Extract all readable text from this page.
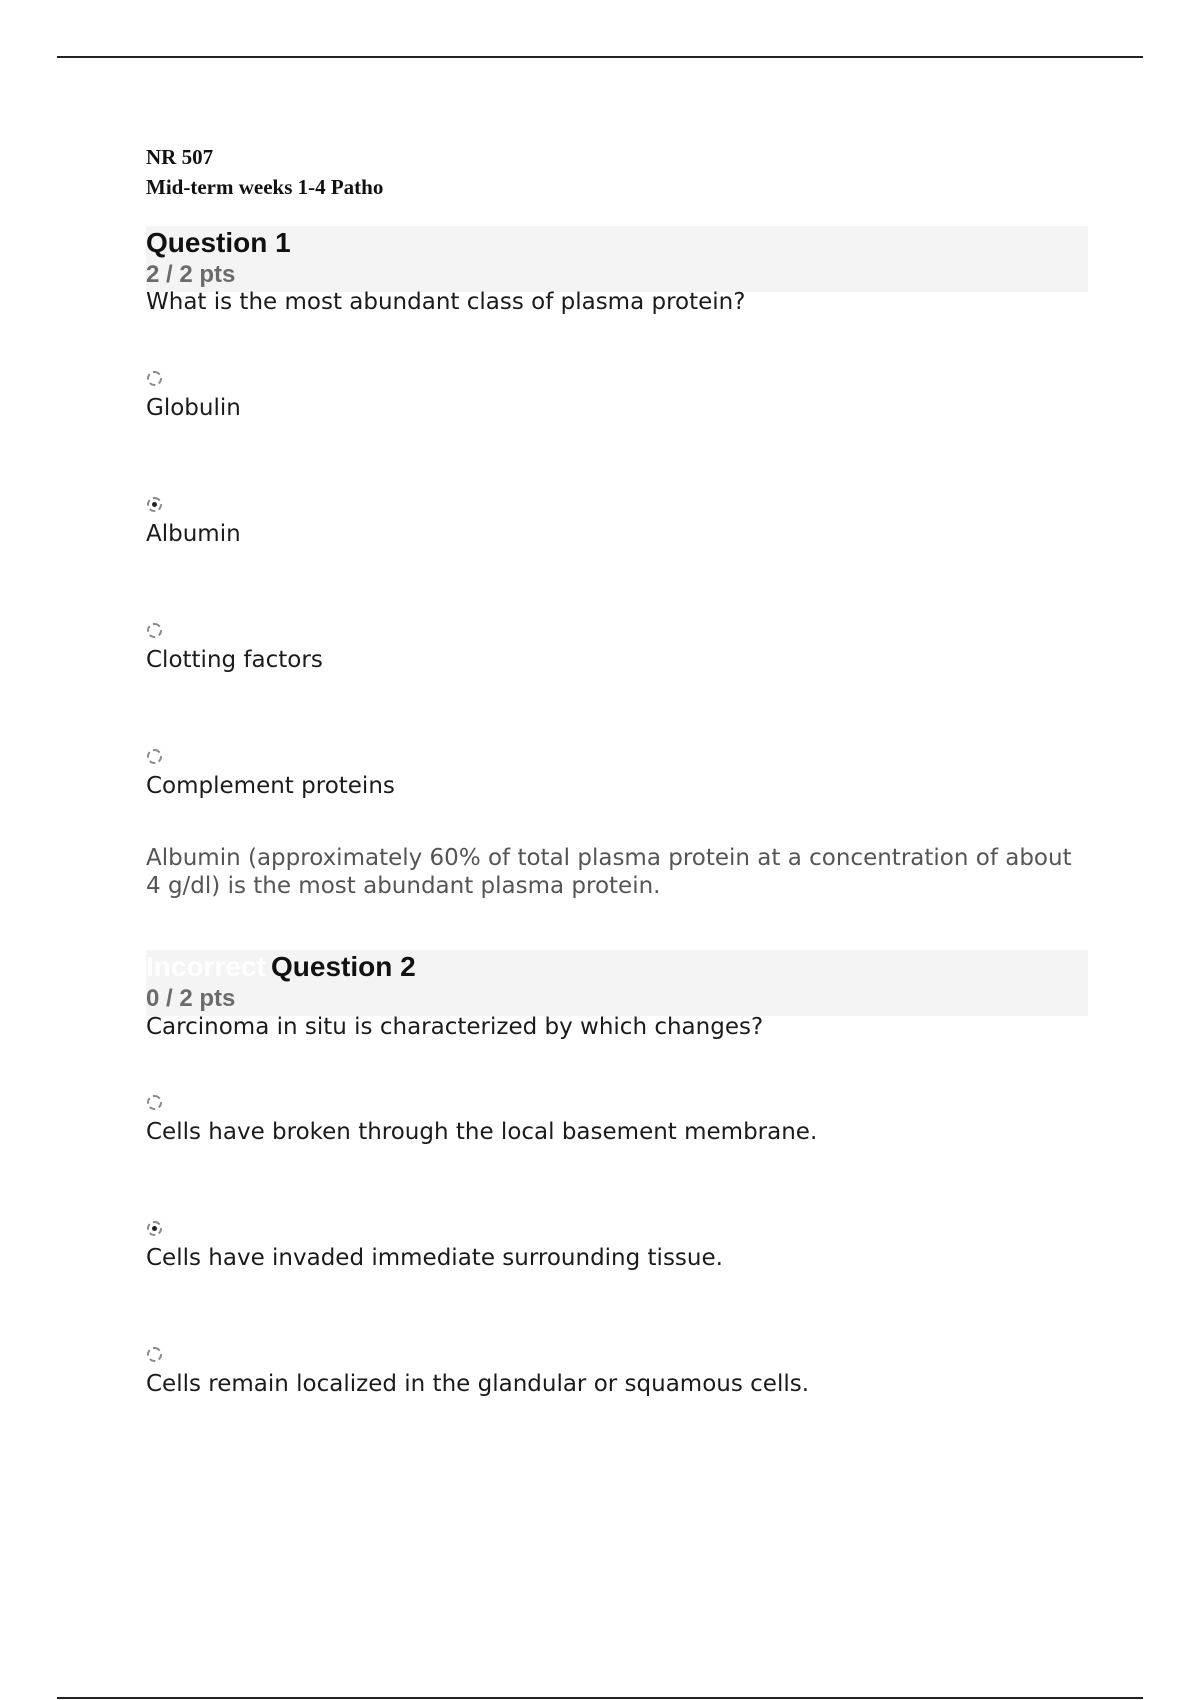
NR 507
Mid-term weeks 1-4 Patho
Question 1
2 / 2 pts
What is the most abundant class of plasma protein?
Globulin
Albumin
Clotting factors
Complement proteins
Albumin (approximately 60% of total plasma protein at a concentration of about 4 g/dl) is the most abundant plasma protein.
Incorrect Question 2
0 / 2 pts
Carcinoma in situ is characterized by which changes?
Cells have broken through the local basement membrane.
Cells have invaded immediate surrounding tissue.
Cells remain localized in the glandular or squamous cells.
